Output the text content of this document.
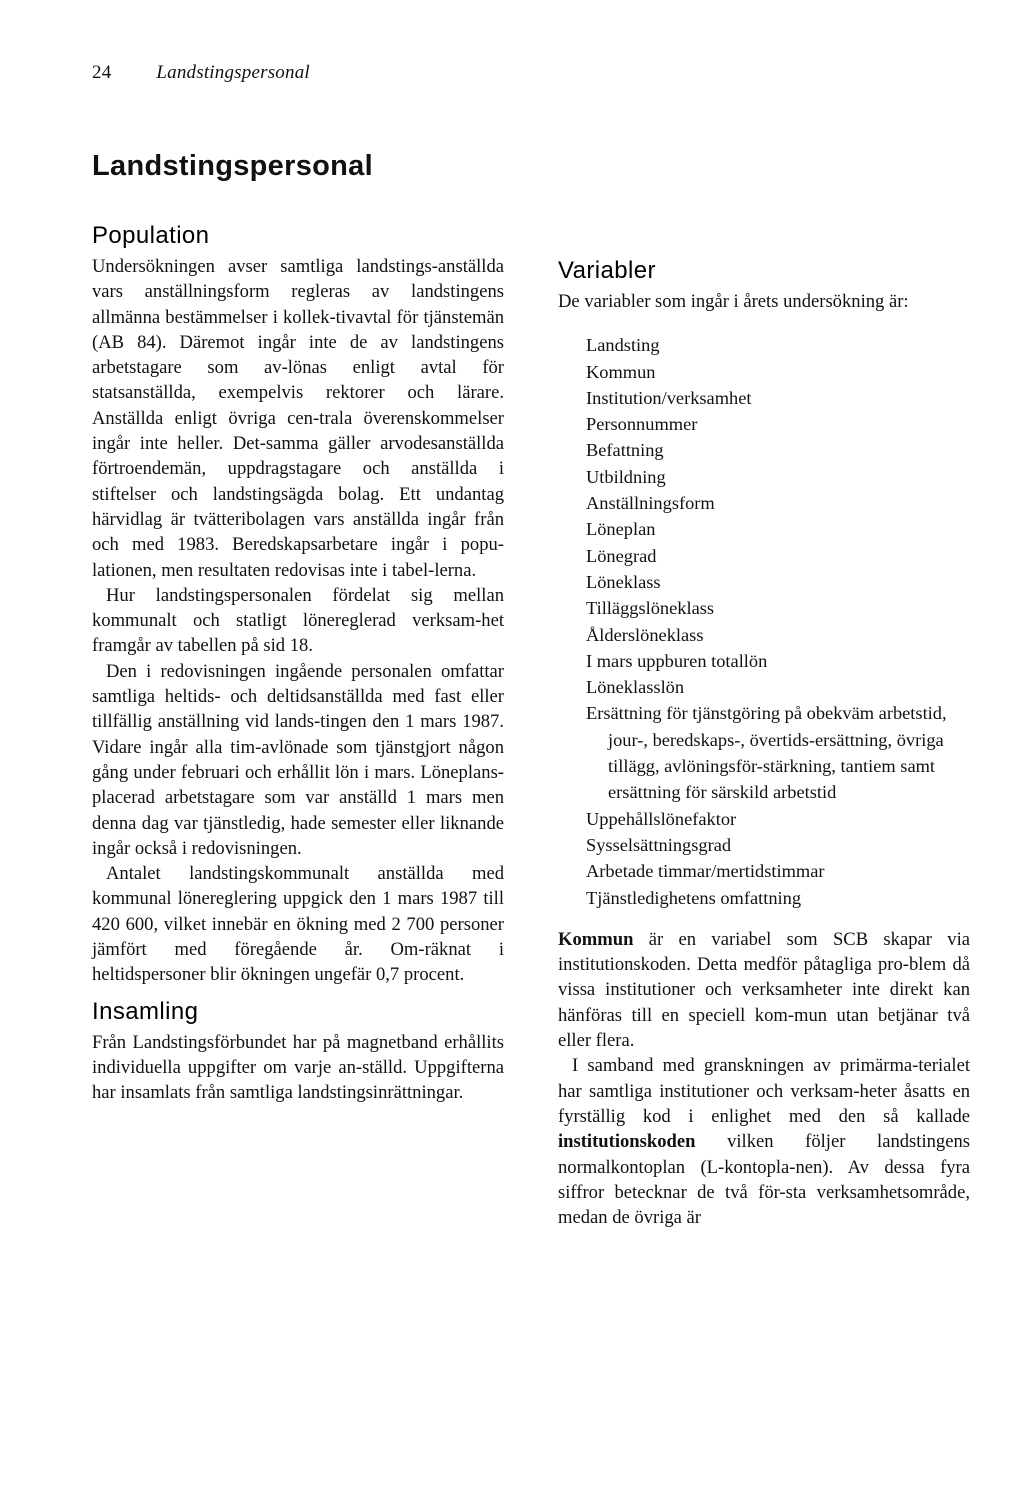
24 Landstingspersonal
Landstingspersonal
Population

Undersökningen avser samtliga landstings-anställda vars anställningsform regleras av landstingens allmänna bestämmelser i kollek-tivavtal för tjänstemän (AB 84). Däremot ingår inte de av landstingens arbetstagare som av-lönas enligt avtal för statsanställda, exempelvis rektorer och lärare. Anställda enligt övriga cen-trala överenskommelser ingår inte heller. Det-samma gäller arvodesanställda förtroendemän, uppdragstagare och anställda i stiftelser och landstingsägda bolag. Ett undantag härvidlag är tvätteribolagen vars anställda ingår från och med 1983. Beredskapsarbetare ingår i popu-lationen, men resultaten redovisas inte i tabel-lerna.

Hur landstingspersonalen fördelat sig mellan kommunalt och statligt lönereglerad verksam-het framgår av tabellen på sid 18.

Den i redovisningen ingående personalen omfattar samtliga heltids- och deltidsanställda med fast eller tillfällig anställning vid lands-tingen den 1 mars 1987. Vidare ingår alla tim-avlönade som tjänstgjort någon gång under februari och erhållit lön i mars. Löneplans-placerad arbetstagare som var anställd 1 mars men denna dag var tjänstledig, hade semester eller liknande ingår också i redovisningen.

Antalet landstingskommunalt anställda med kommunal lönereglering uppgick den 1 mars 1987 till 420 600, vilket innebär en ökning med 2 700 personer jämfört med föregående år. Om-räknat i heltidspersoner blir ökningen ungefär 0,7 procent.

Insamling

Från Landstingsförbundet har på magnetband erhållits individuella uppgifter om varje an-ställd. Uppgifterna har insamlats från samtliga landstingsinrättningar.

Variabler

De variabler som ingår i årets undersökning är:

Landsting
Kommun
Institution/verksamhet
Personnummer
Befattning
Utbildning
Anställningsform
Löneplan
Lönegrad
Löneklass
Tilläggslöneklass
Ålderslöneklass
I mars uppburen totallön
Löneklasslön
Ersättning för tjänstgöring på obekväm arbetstid, jour-, beredskaps-, övertids-ersättning, övriga tillägg, avlöningsför-stärkning, tantiem samt ersättning för särskild arbetstid
Uppehållslönefaktor
Sysselsättningsgrad
Arbetade timmar/mertidstimmar
Tjänstledighetens omfattning

Kommun är en variabel som SCB skapar via institutionskoden. Detta medför påtagliga pro-blem då vissa institutioner och verksamheter inte direkt kan hänföras till en speciell kom-mun utan betjänar två eller flera.

I samband med granskningen av primärma-terialet har samtliga institutioner och verksam-heter åsatts en fyrställig kod i enlighet med den så kallade institutionskoden vilken följer landstingens normalkontoplan (L-kontopla-nen). Av dessa fyra siffror betecknar de två för-sta verksamhetsområde, medan de övriga är
